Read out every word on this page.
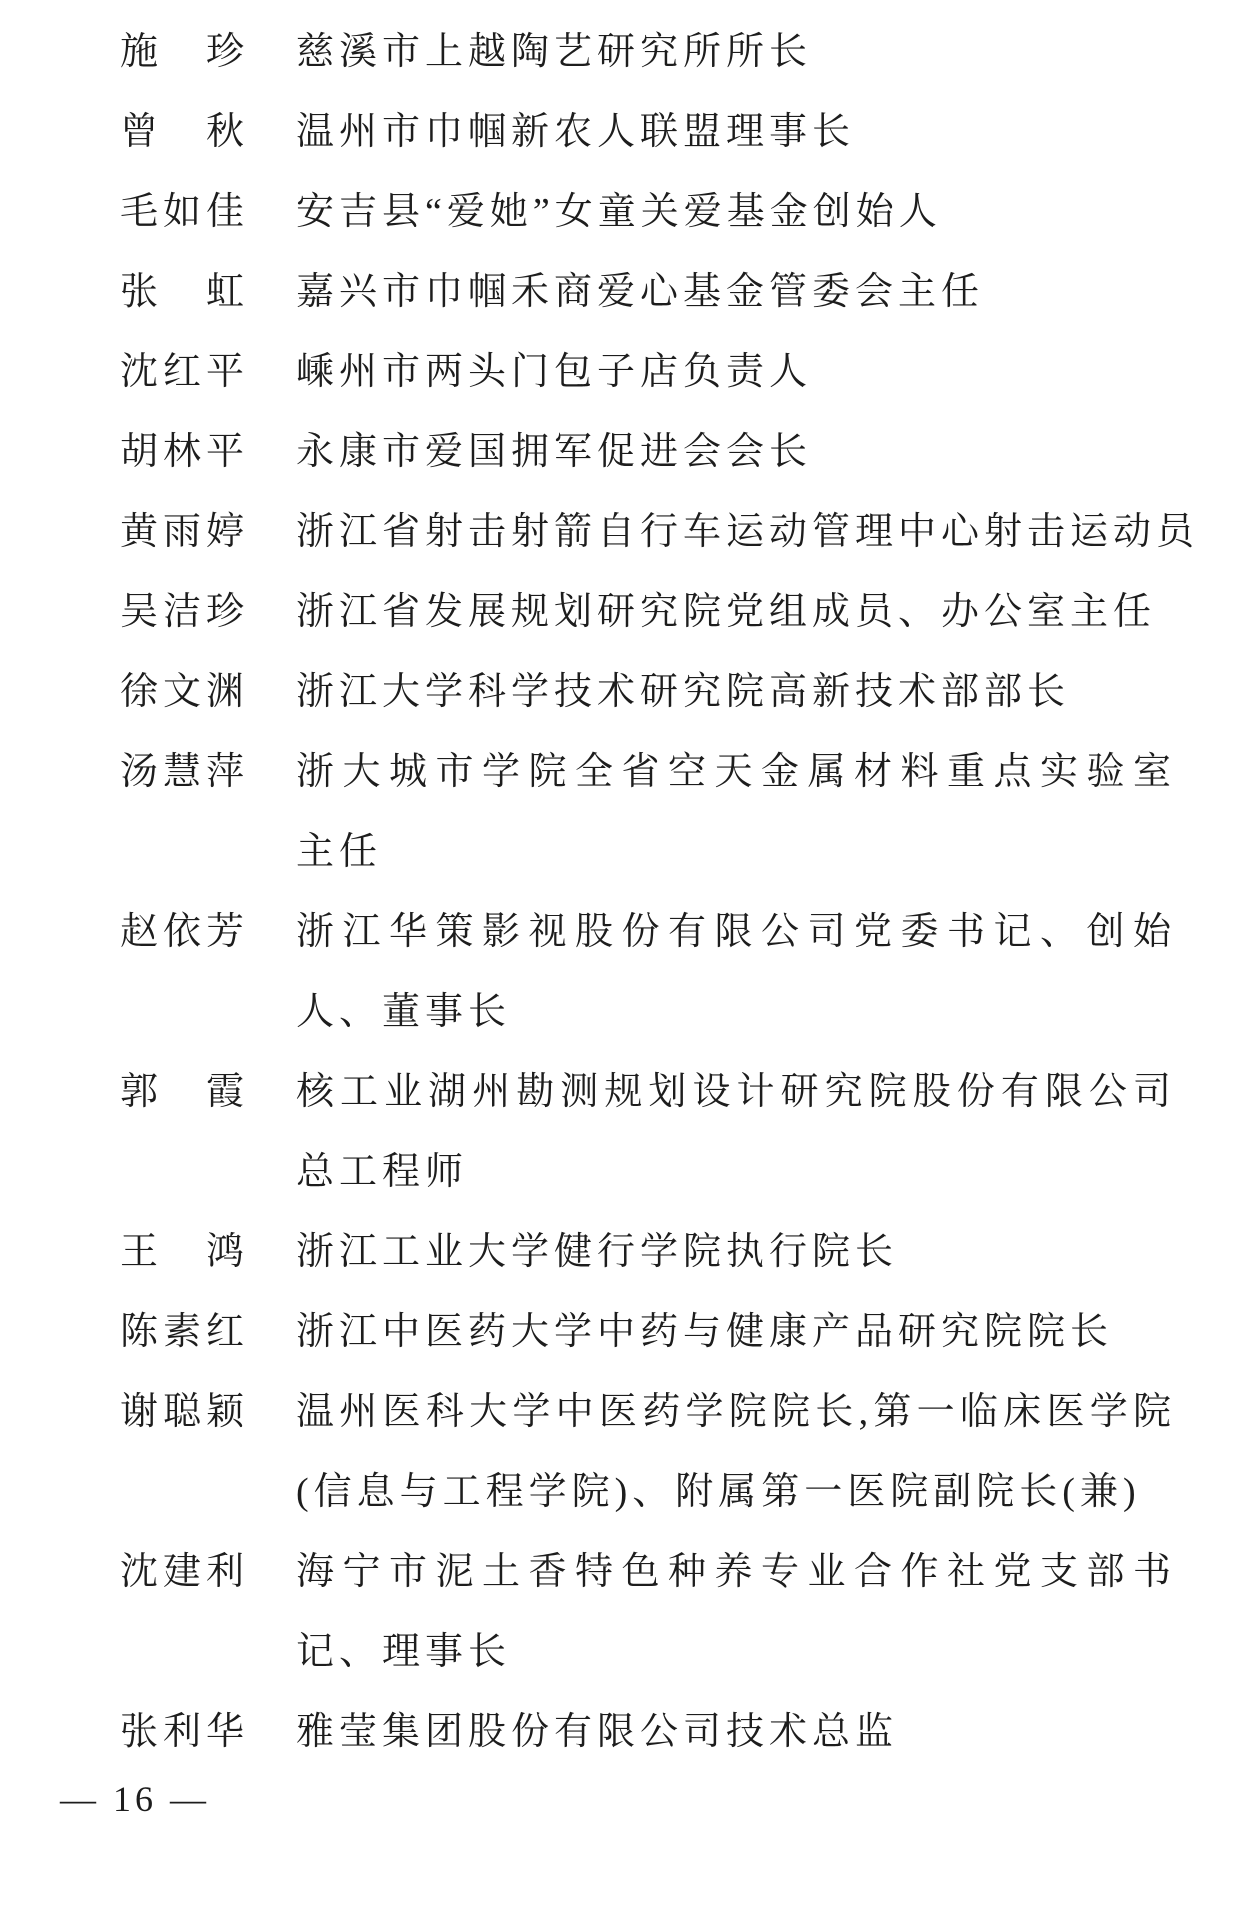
施　珍 慈溪市上越陶艺研究所所长
曾　秋 温州市巾帼新农人联盟理事长
毛如佳 安吉县“爱她”女童关爱基金创始人
张　虹 嘉兴市巾帼禾商爱心基金管委会主任
沈红平 嵊州市两头门包子店负责人
胡林平 永康市爱国拥军促进会会长
黄雨婷 浙江省射击射箭自行车运动管理中心射击运动员
吴洁珍 浙江省发展规划研究院党组成员、办公室主任
徐文渊 浙江大学科学技术研究院高新技术部部长
汤慧萍 浙大城市学院全省空天金属材料重点实验室
主任
赵依芳 浙江华策影视股份有限公司党委书记、创始
人、董事长
郭　霞 核工业湖州勘测规划设计研究院股份有限公司
总工程师
王　鸿 浙江工业大学健行学院执行院长
陈素红 浙江中医药大学中药与健康产品研究院院长
谢聪颖 温州医科大学中医药学院院长,第一临床医学院
(信息与工程学院)、附属第一医院副院长(兼)
沈建利 海宁市泥土香特色种养专业合作社党支部书
记、理事长
张利华 雅莹集团股份有限公司技术总监
— 16 —
